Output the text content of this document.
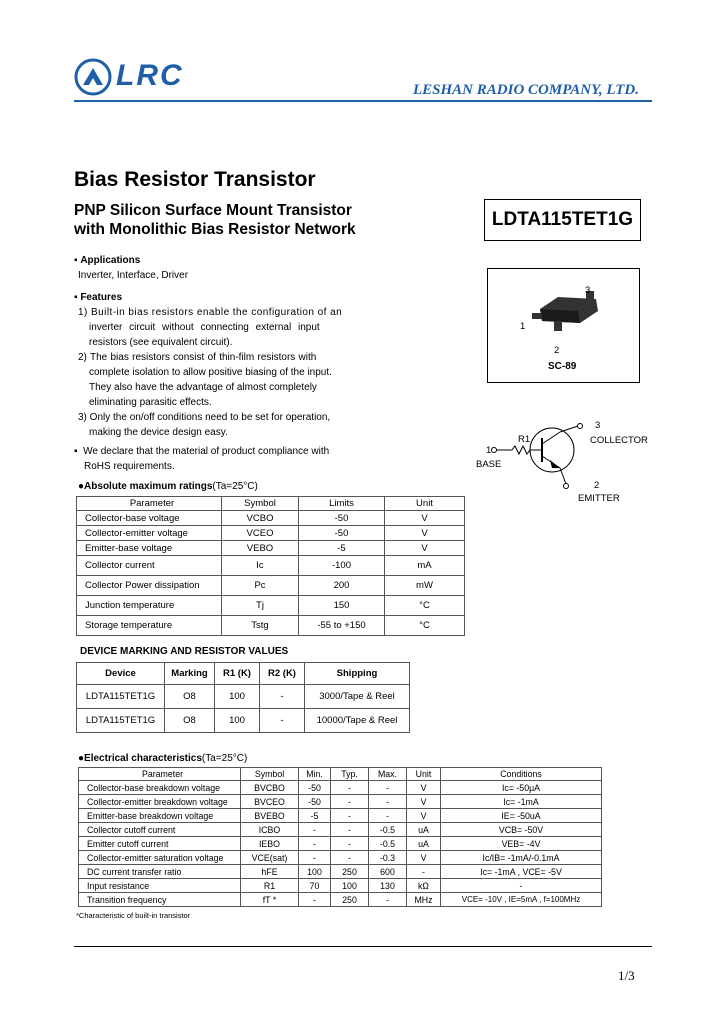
LRC	LESHAN RADIO COMPANY, LTD.
Bias Resistor Transistor
PNP Silicon Surface Mount Transistor
with Monolithic Bias Resistor Network	LDTA115TET1G
▪ Applications
Inverter, Interface, Driver
▪ Features
1) Built-in bias resistors enable the configuration of an
inverter circuit without connecting external input
resistors (see equivalent circuit).
2) The bias resistors consist of thin-film resistors with
complete isolation to allow positive biasing of the input.
They also have the advantage of almost completely
eliminating parasitic effects.
3) Only the on/off conditions need to be set for operation,
making the device design easy.
▪  We declare that the material of product compliance with
RoHS requirements.
3
1
2
SC-89
R1
1
BASE
3
COLLECTOR
2
EMITTER
●Absolute maximum ratings(Ta=25°C)
Parameter	Symbol	Limits	Unit
Collector-base voltage	VCBO	-50	V
Collector-emitter voltage	VCEO	-50	V
Emitter-base voltage	VEBO	-5	V
Collector current	Ic	-100	mA
Collector Power dissipation	Pc	200	mW
Junction temperature	Tj	150	°C
Storage temperature	Tstg	-55 to +150	°C
DEVICE MARKING AND RESISTOR VALUES
Device	Marking	R1 (K)	R2 (K)	Shipping
LDTA115TET1G	O8	100	-	3000/Tape & Reel
LDTA115TET1G	O8	100	-	10000/Tape & Reel
●Electrical characteristics(Ta=25°C)
Parameter	Symbol	Min.	Typ.	Max.	Unit	Conditions
Collector-base breakdown voltage	BVCBO	-50	-	-	V	Ic= -50μA
Collector-emitter breakdown voltage	BVCEO	-50	-	-	V	Ic= -1mA
Emitter-base breakdown voltage	BVEBO	-5	-	-	V	IE= -50uA
Collector cutoff current	ICBO	-	-	-0.5	uA	VCB= -50V
Emitter cutoff current	IEBO	-	-	-0.5	uA	VEB= -4V
Collector-emitter saturation voltage	VCE(sat)	-	-	-0.3	V	Ic/IB= -1mA/-0.1mA
DC current transfer ratio	hFE	100	250	600	-	Ic= -1mA , VCE= -5V
Input resistance	R1	70	100	130	kΩ	-
Transition frequency	fT *	-	250	-	MHz	VCE= -10V , IE=5mA , f=100MHz
*Characteristic of built-in transistor
1/3
